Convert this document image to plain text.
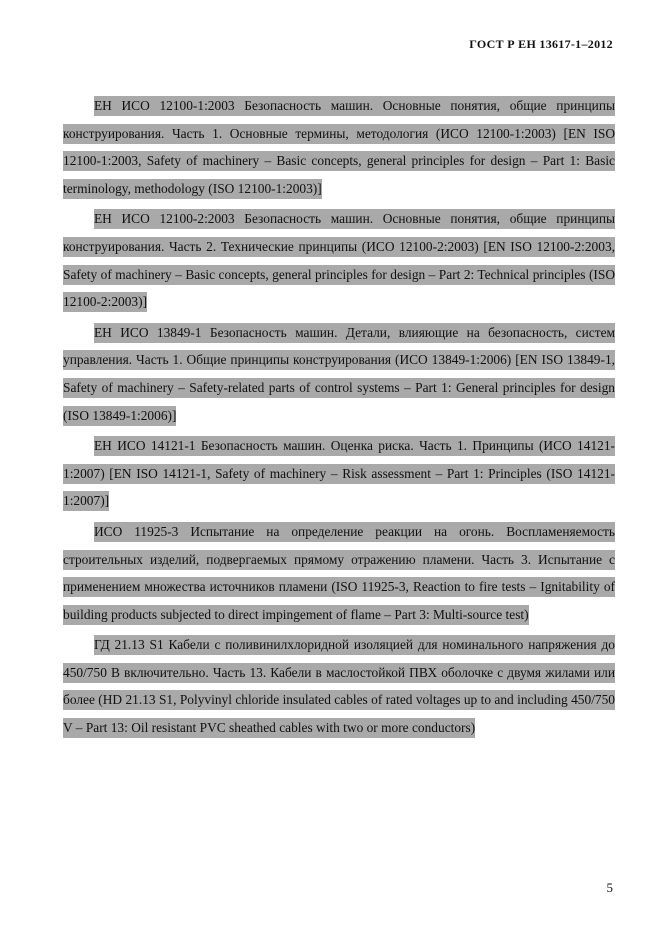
ГОСТ Р ЕН 13617-1–2012

ЕН ИСО 12100-1:2003 Безопасность машин. Основные понятия, общие принципы конструирования. Часть 1. Основные термины, методология (ИСО 12100-1:2003) [EN ISO 12100-1:2003, Safety of machinery – Basic concepts, general principles for design – Part 1: Basic terminology, methodology (ISO 12100-1:2003)]

ЕН ИСО 12100-2:2003 Безопасность машин. Основные понятия, общие принципы конструирования. Часть 2. Технические принципы (ИСО 12100-2:2003) [EN ISO 12100-2:2003, Safety of machinery – Basic concepts, general principles for design – Part 2: Technical principles (ISO 12100-2:2003)]

ЕН ИСО 13849-1 Безопасность машин. Детали, влияющие на безопасность, систем управления. Часть 1. Общие принципы конструирования (ИСО 13849-1:2006) [EN ISO 13849-1, Safety of machinery – Safety-related parts of control systems – Part 1: General principles for design (ISO 13849-1:2006)]

ЕН ИСО 14121-1 Безопасность машин. Оценка риска. Часть 1. Принципы (ИСО 14121-1:2007) [EN ISO 14121-1, Safety of machinery – Risk assessment – Part 1: Principles (ISO 14121-1:2007)]

ИСО 11925-3 Испытание на определение реакции на огонь. Воспламеняемость строительных изделий, подвергаемых прямому отражению пламени. Часть 3. Испытание с применением множества источников пламени (ISO 11925-3, Reaction to fire tests – Ignitability of building products subjected to direct impingement of flame – Part 3: Multi-source test)

ГД 21.13 S1 Кабели с поливинилхлоридной изоляцией для номинального напряжения до 450/750 В включительно. Часть 13. Кабели в маслостойкой ПВХ оболочке с двумя жилами или более (HD 21.13 S1, Polyvinyl chloride insulated cables of rated voltages up to and including 450/750 V – Part 13: Oil resistant PVC sheathed cables with two or more conductors)

5
